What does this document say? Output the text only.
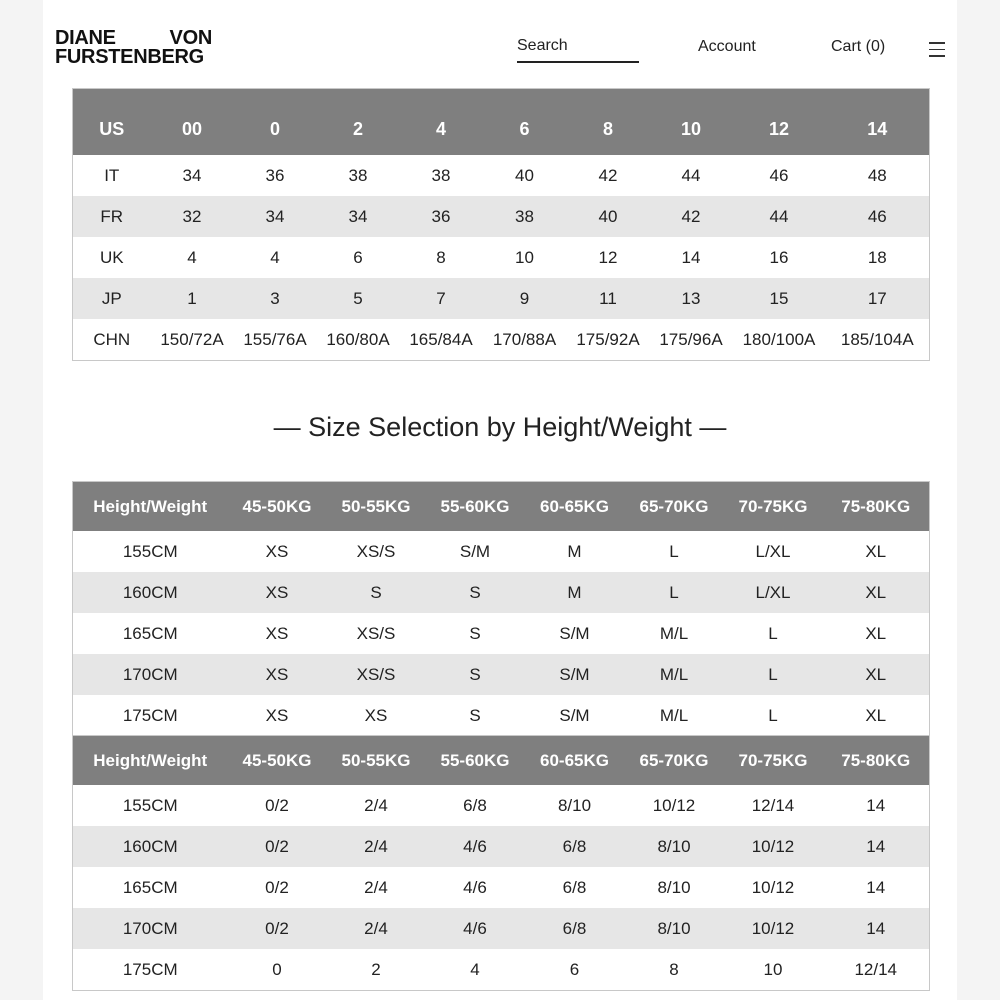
DIANE	VON
FURSTENBERG
Search	Account	Cart (0)

US	00	0	2	4	6	8	10	12	14
IT	34	36	38	38	40	42	44	46	48
FR	32	34	34	36	38	40	42	44	46
UK	4	4	6	8	10	12	14	16	18
JP	1	3	5	7	9	11	13	15	17
CHN	150/72A	155/76A	160/80A	165/84A	170/88A	175/92A	175/96A	180/100A	185/104A
— Size Selection by Height/Weight —
Height/Weight	45-50KG	50-55KG	55-60KG	60-65KG	65-70KG	70-75KG	75-80KG
155CM	XS	XS/S	S/M	M	L	L/XL	XL
160CM	XS	S	S	M	L	L/XL	XL
165CM	XS	XS/S	S	S/M	M/L	L	XL
170CM	XS	XS/S	S	S/M	M/L	L	XL
175CM	XS	XS	S	S/M	M/L	L	XL
Height/Weight	45-50KG	50-55KG	55-60KG	60-65KG	65-70KG	70-75KG	75-80KG
155CM	0/2	2/4	6/8	8/10	10/12	12/14	14
160CM	0/2	2/4	4/6	6/8	8/10	10/12	14
165CM	0/2	2/4	4/6	6/8	8/10	10/12	14
170CM	0/2	2/4	4/6	6/8	8/10	10/12	14
175CM	0	2	4	6	8	10	12/14
